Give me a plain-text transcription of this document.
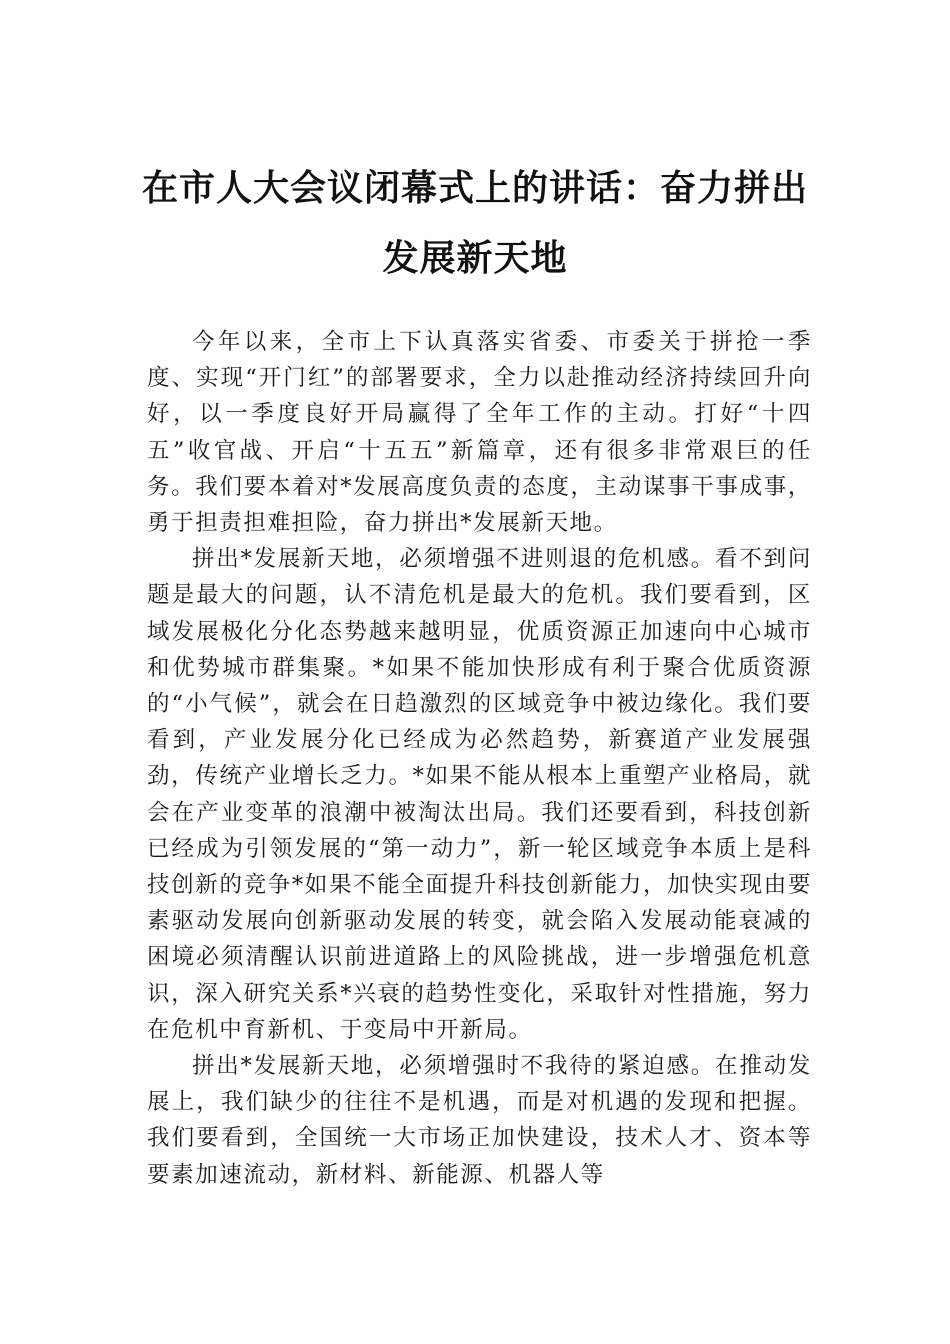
在市人大会议闭幕式上的讲话：奋力拼出
发展新天地

今年以来，全市上下认真落实省委、市委关于拼抢一季度、实现“开门红”的部署要求，全力以赴推动经济持续回升向好，以一季度良好开局赢得了全年工作的主动。打好“十四五”收官战、开启“十五五”新篇章，还有很多非常艰巨的任务。我们要本着对*发展高度负责的态度，主动谋事干事成事，勇于担责担难担险，奋力拼出*发展新天地。

拼出*发展新天地，必须增强不进则退的危机感。看不到问题是最大的问题，认不清危机是最大的危机。我们要看到，区域发展极化分化态势越来越明显，优质资源正加速向中心城市和优势城市群集聚。*如果不能加快形成有利于聚合优质资源的“小气候”，就会在日趋激烈的区域竞争中被边缘化。我们要看到，产业发展分化已经成为必然趋势，新赛道产业发展强劲，传统产业增长乏力。*如果不能从根本上重塑产业格局，就会在产业变革的浪潮中被淘汰出局。我们还要看到，科技创新已经成为引领发展的“第一动力”，新一轮区域竞争本质上是科技创新的竞争*如果不能全面提升科技创新能力，加快实现由要素驱动发展向创新驱动发展的转变，就会陷入发展动能衰减的困境必须清醒认识前进道路上的风险挑战，进一步增强危机意识，深入研究关系*兴衰的趋势性变化，采取针对性措施，努力在危机中育新机、于变局中开新局。

拼出*发展新天地，必须增强时不我待的紧迫感。在推动发展上，我们缺少的往往不是机遇，而是对机遇的发现和把握。我们要看到，全国统一大市场正加快建设，技术人才、资本等要素加速流动，新材料、新能源、机器人等
